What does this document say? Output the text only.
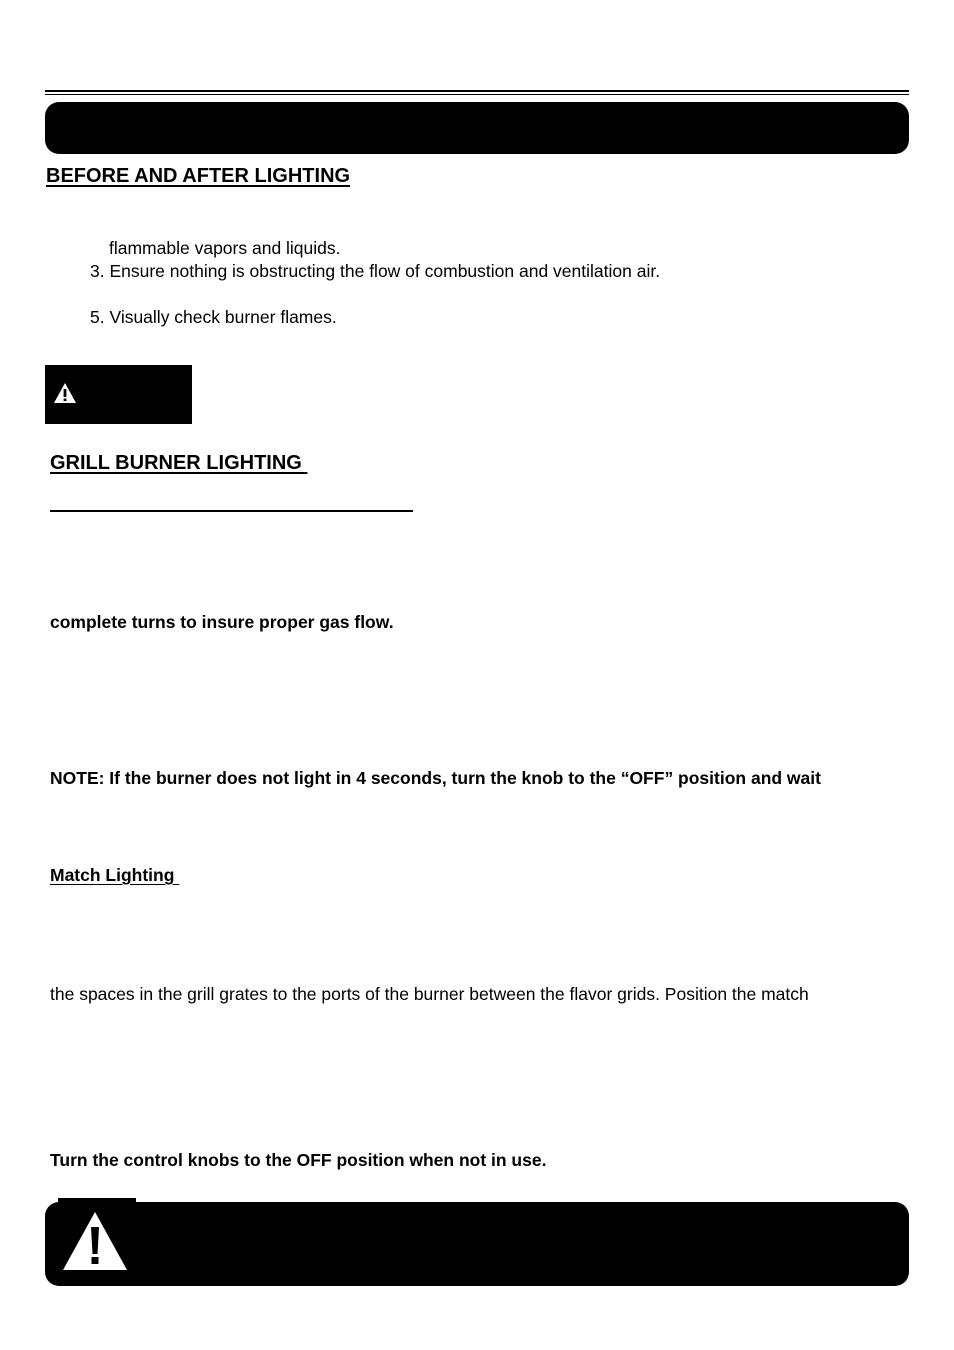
BEFORE AND AFTER LIGHTING
flammable vapors and liquids.
3. Ensure nothing is obstructing the flow of combustion and ventilation air.
5. Visually check burner flames.
GRILL BURNER LIGHTING
complete turns to insure proper gas flow.
NOTE: If the burner does not light in 4 seconds, turn the knob to the “OFF” position and wait
Match Lighting
the spaces in the grill grates to the ports of the burner between the flavor grids. Position the match
Turn the control knobs to the OFF position when not in use.
